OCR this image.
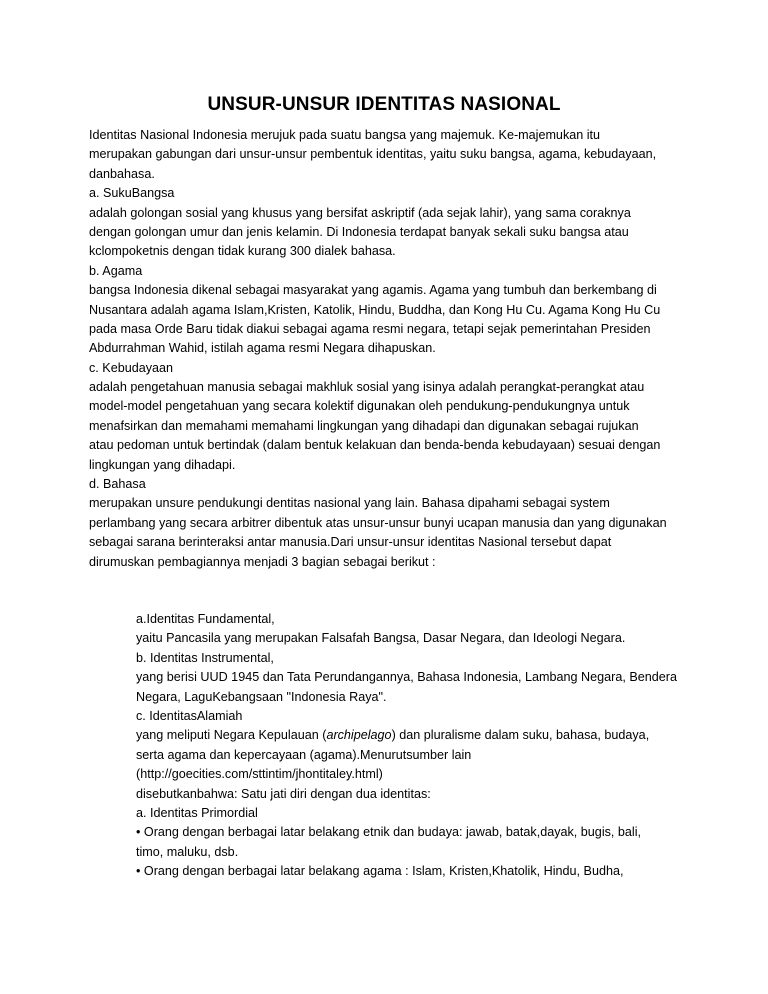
UNSUR-UNSUR IDENTITAS NASIONAL
Identitas Nasional Indonesia merujuk pada suatu bangsa yang majemuk. Ke-majemukan itu
merupakan gabungan dari unsur-unsur pembentuk identitas, yaitu suku bangsa, agama, kebudayaan,
danbahasa.
a. SukuBangsa
adalah golongan sosial yang khusus yang bersifat askriptif (ada sejak lahir), yang sama coraknya
dengan golongan umur dan jenis kelamin. Di Indonesia terdapat banyak sekali suku bangsa atau
kclompoketnis dengan tidak kurang 300 dialek bahasa.
b. Agama
bangsa Indonesia dikenal sebagai masyarakat yang agamis. Agama yang tumbuh dan berkembang di
Nusantara adalah agama Islam,Kristen, Katolik, Hindu, Buddha, dan Kong Hu Cu. Agama Kong Hu Cu
pada masa Orde Baru tidak diakui sebagai agama resmi negara, tetapi sejak pemerintahan Presiden
Abdurrahman Wahid, istilah agama resmi Negara dihapuskan.
c. Kebudayaan
adalah pengetahuan manusia sebagai makhluk sosial yang isinya adalah perangkat-perangkat atau
model-model pengetahuan yang secara kolektif digunakan oleh pendukung-pendukungnya untuk
menafsirkan dan memahami memahami lingkungan yang dihadapi dan digunakan sebagai rujukan
atau pedoman untuk bertindak (dalam bentuk kelakuan dan benda-benda kebudayaan) sesuai dengan
lingkungan yang dihadapi.
d. Bahasa
merupakan unsure pendukungi dentitas nasional yang lain. Bahasa dipahami sebagai system
perlambang yang secara arbitrer dibentuk atas unsur-unsur bunyi ucapan manusia dan yang digunakan
sebagai sarana berinteraksi antar manusia.Dari unsur-unsur identitas Nasional tersebut dapat
dirumuskan pembagiannya menjadi 3 bagian sebagai berikut :
a.Identitas Fundamental,
yaitu Pancasila yang merupakan Falsafah Bangsa, Dasar Negara, dan Ideologi Negara.
b. Identitas Instrumental,
yang berisi UUD 1945 dan Tata Perundangannya, Bahasa Indonesia, Lambang Negara, Bendera
Negara, LaguKebangsaan "Indonesia Raya".
c. IdentitasAlamiah
yang meliputi Negara Kepulauan (archipelago) dan pluralisme dalam suku, bahasa, budaya,
serta agama dan kepercayaan (agama).Menurutsumber lain
(http://goecities.com/sttintim/jhontitaley.html)
disebutkanbahwa: Satu jati diri dengan dua identitas:
a. Identitas Primordial
• Orang dengan berbagai latar belakang etnik dan budaya: jawab, batak,dayak, bugis, bali,
timo, maluku, dsb.
• Orang dengan berbagai latar belakang agama : Islam, Kristen,Khatolik, Hindu, Budha,
